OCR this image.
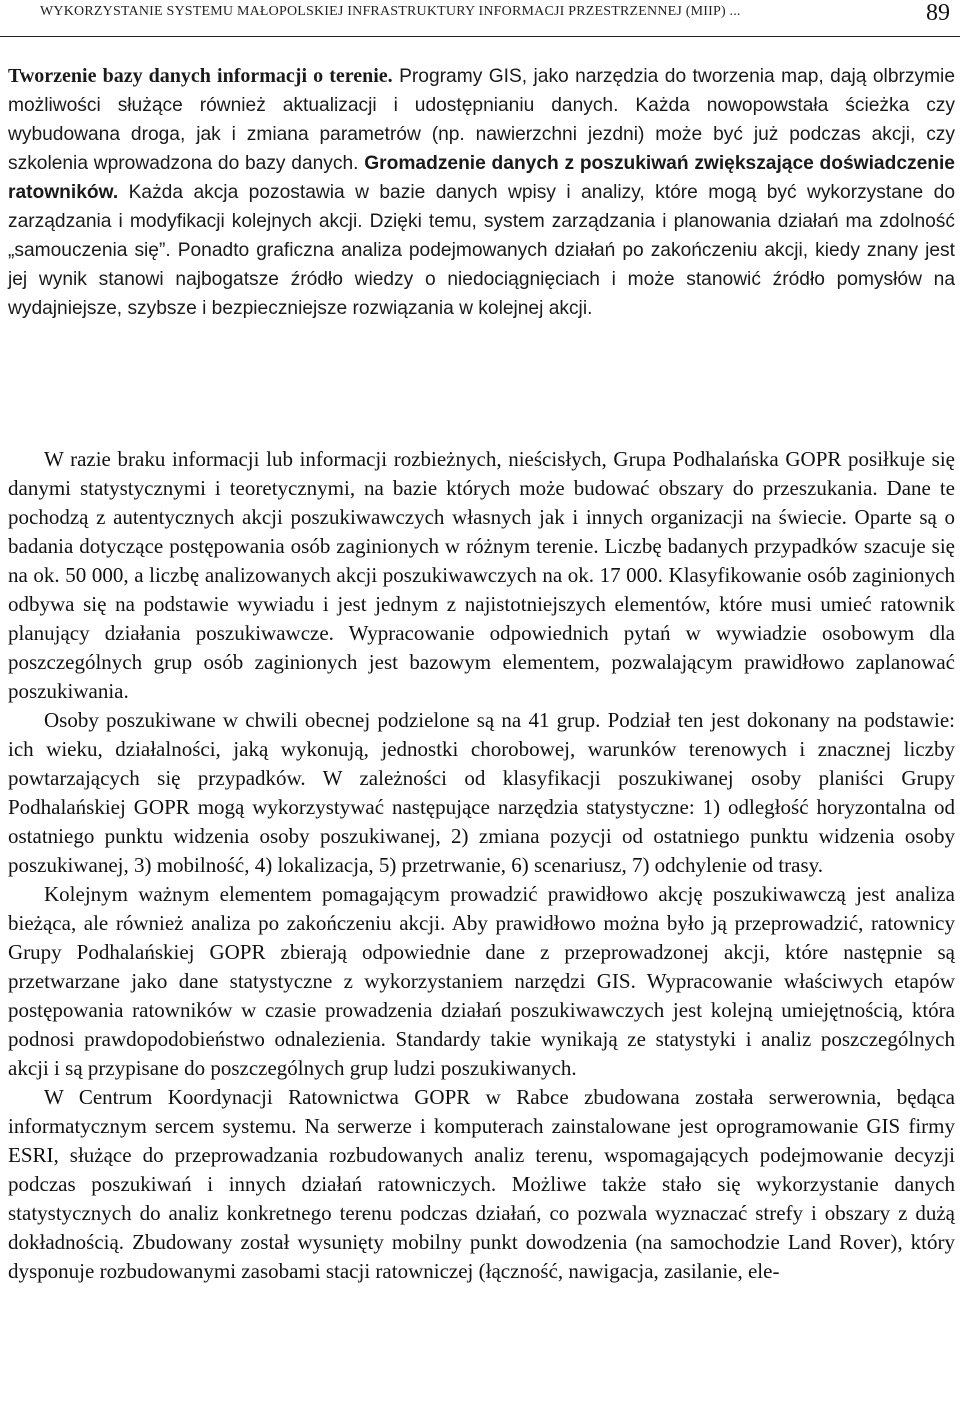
WYKORZYSTANIE SYSTEMU MAŁOPOLSKIEJ INFRASTRUKTURY INFORMACJI PRZESTRZENNEJ (MIIP) ...	89
Tworzenie bazy danych informacji o terenie. Programy GIS, jako narzędzia do tworzenia map, dają olbrzymie możliwości służące również aktualizacji i udostępnianiu danych. Każda nowopowstała ścieżka czy wybudowana droga, jak i zmiana parametrów (np. nawierzchni jezdni) może być już podczas akcji, czy szkolenia wprowadzona do bazy danych. Gromadzenie danych z poszukiwań zwiększające doświadczenie ratowników. Każda akcja pozostawia w bazie danych wpisy i analizy, które mogą być wykorzystane do zarządzania i modyfikacji kolejnych akcji. Dzięki temu, system zarządzania i planowania działań ma zdolność „samouczenia się”. Ponadto graficzna analiza podejmowanych działań po zakończeniu akcji, kiedy znany jest jej wynik stanowi najbogatsze źródło wiedzy o niedociągnięciach i może stanowić źródło pomysłów na wydajniejsze, szybsze i bezpieczniejsze rozwiązania w kolejnej akcji.

W razie braku informacji lub informacji rozbieżnych, nieścisłych, Grupa Podhalańska GOPR posiłkuje się danymi statystycznymi i teoretycznymi, na bazie których może budować obszary do przeszukania. Dane te pochodzą z autentycznych akcji poszukiwawczych własnych jak i innych organizacji na świecie. Oparte są o badania dotyczące postępowania osób zaginionych w różnym terenie. Liczbę badanych przypadków szacuje się na ok. 50 000, a liczbę analizowanych akcji poszukiwawczych na ok. 17 000. Klasyfikowanie osób zaginionych odbywa się na podstawie wywiadu i jest jednym z najistotniejszych elementów, które musi umieć ratownik planujący działania poszukiwawcze. Wypracowanie odpowiednich pytań w wywiadzie osobowym dla poszczególnych grup osób zaginionych jest bazowym elementem, pozwalającym prawidłowo zaplanować poszukiwania.

Osoby poszukiwane w chwili obecnej podzielone są na 41 grup. Podział ten jest dokonany na podstawie: ich wieku, działalności, jaką wykonują, jednostki chorobowej, warunków terenowych i znacznej liczby powtarzających się przypadków. W zależności od klasyfikacji poszukiwanej osoby planiści Grupy Podhalańskiej GOPR mogą wykorzystywać następujące narzędzia statystyczne: 1) odległość horyzontalna od ostatniego punktu widzenia osoby poszukiwanej, 2) zmiana pozycji od ostatniego punktu widzenia osoby poszukiwanej, 3) mobilność, 4) lokalizacja, 5) przetrwanie, 6) scenariusz, 7) odchylenie od trasy.

Kolejnym ważnym elementem pomagającym prowadzić prawidłowo akcję poszukiwawczą jest analiza bieżąca, ale również analiza po zakończeniu akcji. Aby prawidłowo można było ją przeprowadzić, ratownicy Grupy Podhalańskiej GOPR zbierają odpowiednie dane z przeprowadzonej akcji, które następnie są przetwarzane jako dane statystyczne z wykorzystaniem narzędzi GIS. Wypracowanie właściwych etapów postępowania ratowników w czasie prowadzenia działań poszukiwawczych jest kolejną umiejętnością, która podnosi prawdopodobieństwo odnalezienia. Standardy takie wynikają ze statystyki i analiz poszczególnych akcji i są przypisane do poszczególnych grup ludzi poszukiwanych.

W Centrum Koordynacji Ratownictwa GOPR w Rabce zbudowana została serwerownia, będąca informatycznym sercem systemu. Na serwerze i komputerach zainstalowane jest oprogramowanie GIS firmy ESRI, służące do przeprowadzania rozbudowanych analiz terenu, wspomagających podejmowanie decyzji podczas poszukiwań i innych działań ratowniczych. Możliwe także stało się wykorzystanie danych statystycznych do analiz konkretnego terenu podczas działań, co pozwala wyznaczać strefy i obszary z dużą dokładnością. Zbudowany został wysunięty mobilny punkt dowodzenia (na samochodzie Land Rover), który dysponuje rozbudowanymi zasobami stacji ratowniczej (łączność, nawigacja, zasilanie, ele-
